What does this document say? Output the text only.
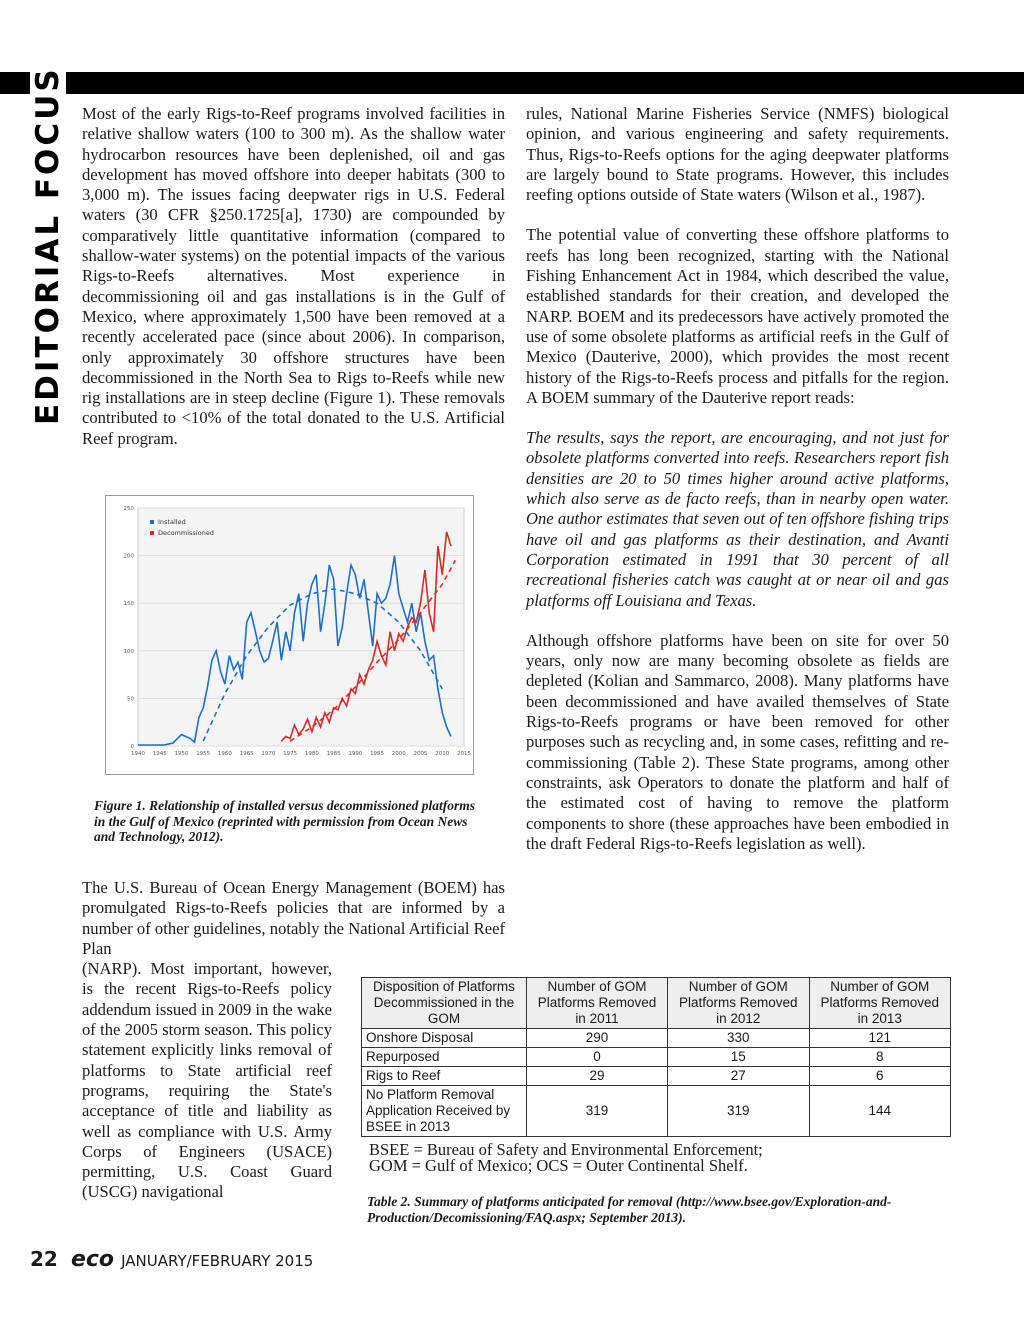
EDITORIAL FOCUS Most of the early Rigs-to-Reef programs involved facilities in relative shallow waters (100 to 300 m). As the shallow water hydrocarbon resources have been deplenished, oil and gas development has moved offshore into deeper habitats (300 to 3,000 m). The issues facing deepwater rigs in U.S. Federal waters (30 CFR §250.1725[a], 1730) are compounded by comparatively little quantitative information (compared to shallow-water systems) on the potential impacts of the various Rigs-to-Reefs alternatives. Most experience in decommissioning oil and gas installations is in the Gulf of Mexico, where approximately 1,500 have been removed at a recently accelerated pace (since about 2006). In comparison, only approximately 30 offshore structures have been decommissioned in the North Sea to Rigs to-Reefs while new rig installations are in steep decline (Figure 1). These removals contributed to <10% of the total donated to the U.S. Artificial Reef program.

0
50
100
150
200
250
1940 1945 1950 1955 1960 1965 1970 1975 1980 1985 1990 1995 2000 2005 2010 2015
Installed
Decommissioned
Figure 1. Relationship of installed versus decommissioned platforms in the Gulf of Mexico (reprinted with permission from Ocean News and Technology, 2012).
The U.S. Bureau of Ocean Energy Management (BOEM) has promulgated Rigs-to-Reefs policies that are informed by a number of other guidelines, notably the National Artificial Reef Plan
(NARP). Most important, however, is the recent Rigs-to-Reefs policy addendum issued in 2009 in the wake of the 2005 storm season. This policy statement explicitly links removal of platforms to State artificial reef programs, requiring the State's acceptance of title and liability as well as compliance with U.S. Army Corps of Engineers (USACE) permitting, U.S. Coast Guard (USCG) navigational

rules, National Marine Fisheries Service (NMFS) biological opinion, and various engineering and safety requirements. Thus, Rigs-to-Reefs options for the aging deepwater platforms are largely bound to State programs. However, this includes reefing options outside of State waters (Wilson et al., 1987).

The potential value of converting these offshore platforms to reefs has long been recognized, starting with the National Fishing Enhancement Act in 1984, which described the value, established standards for their creation, and developed the NARP. BOEM and its predecessors have actively promoted the use of some obsolete platforms as artificial reefs in the Gulf of Mexico (Dauterive, 2000), which provides the most recent history of the Rigs-to-Reefs process and pitfalls for the region. A BOEM summary of the Dauterive report reads:

The results, says the report, are encouraging, and not just for obsolete platforms converted into reefs. Researchers report fish densities are 20 to 50 times higher around active platforms, which also serve as de facto reefs, than in nearby open water. One author estimates that seven out of ten offshore fishing trips have oil and gas platforms as their destination, and Avanti Corporation estimated in 1991 that 30 percent of all recreational fisheries catch was caught at or near oil and gas platforms off Louisiana and Texas.

Although offshore platforms have been on site for over 50 years, only now are many becoming obsolete as fields are depleted (Kolian and Sammarco, 2008). Many platforms have been decommissioned and have availed themselves of State Rigs-to-Reefs programs or have been removed for other purposes such as recycling and, in some cases, refitting and re-commissioning (Table 2). These State programs, among other constraints, ask Operators to donate the platform and half of the estimated cost of having to remove the platform components to shore (these approaches have been embodied in the draft Federal Rigs-to-Reefs legislation as well).

Disposition of Platforms Decommissioned in the GOM	Number of GOM Platforms Removed in 2011	Number of GOM Platforms Removed in 2012	Number of GOM Platforms Removed in 2013
Onshore Disposal	290	330	121
Repurposed	0	15	8
Rigs to Reef	29	27	6
No Platform Removal Application Received by BSEE in 2013	319	319	144
BSEE = Bureau of Safety and Environmental Enforcement;
GOM = Gulf of Mexico; OCS = Outer Continental Shelf.
Table 2. Summary of platforms anticipated for removal (http://www.bsee.gov/Exploration-and-Production/Decomissioning/FAQ.aspx; September 2013).
22 eco JANUARY/FEBRUARY 2015
